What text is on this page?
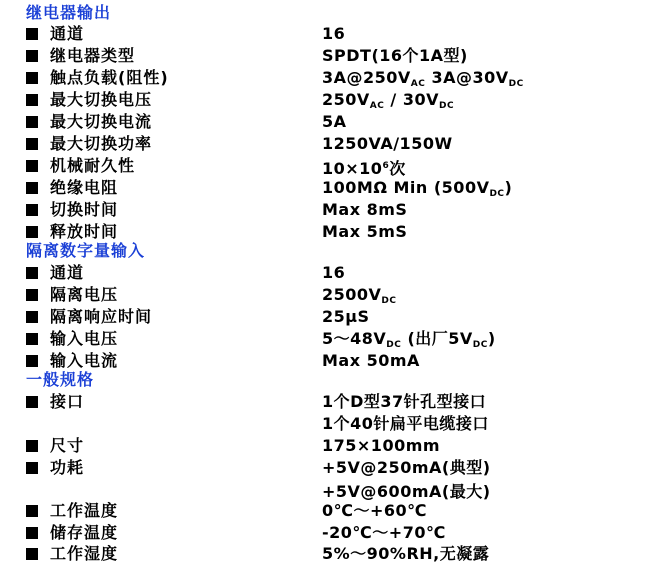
继电器输出
通道	16
继电器类型	SPDT(16个1A型)
触点负载(阻性)	$3A@250V_{AC}$ $3A@30V_{DC}$
最大切换电压	$250V_{AC} / 30V_{DC}$
最大切换电流	5A
最大切换功率	1250VA/150W
机械耐久性	$10\times 10^6$次
绝缘电阻	100MΩ Min $(500V_{DC})$
切换时间	Max 8mS
释放时间	Max 5mS
隔离数字量输入
通道	16
隔离电压	$2500V_{DC}$
隔离响应时间	25μS
输入电压	$5\sim 48V_{DC}$ (出厂$5V_{DC}$)
输入电流	Max 50mA
一般规格
接口	1个D型37针孔型接口
1个40针扁平电缆接口
尺寸	175×100mm
功耗	+5V@250mA(典型)
+5V@600mA(最大)
工作温度	0℃～+60℃
储存温度	-20℃～+70℃
工作湿度	5%～90%RH,无凝露
